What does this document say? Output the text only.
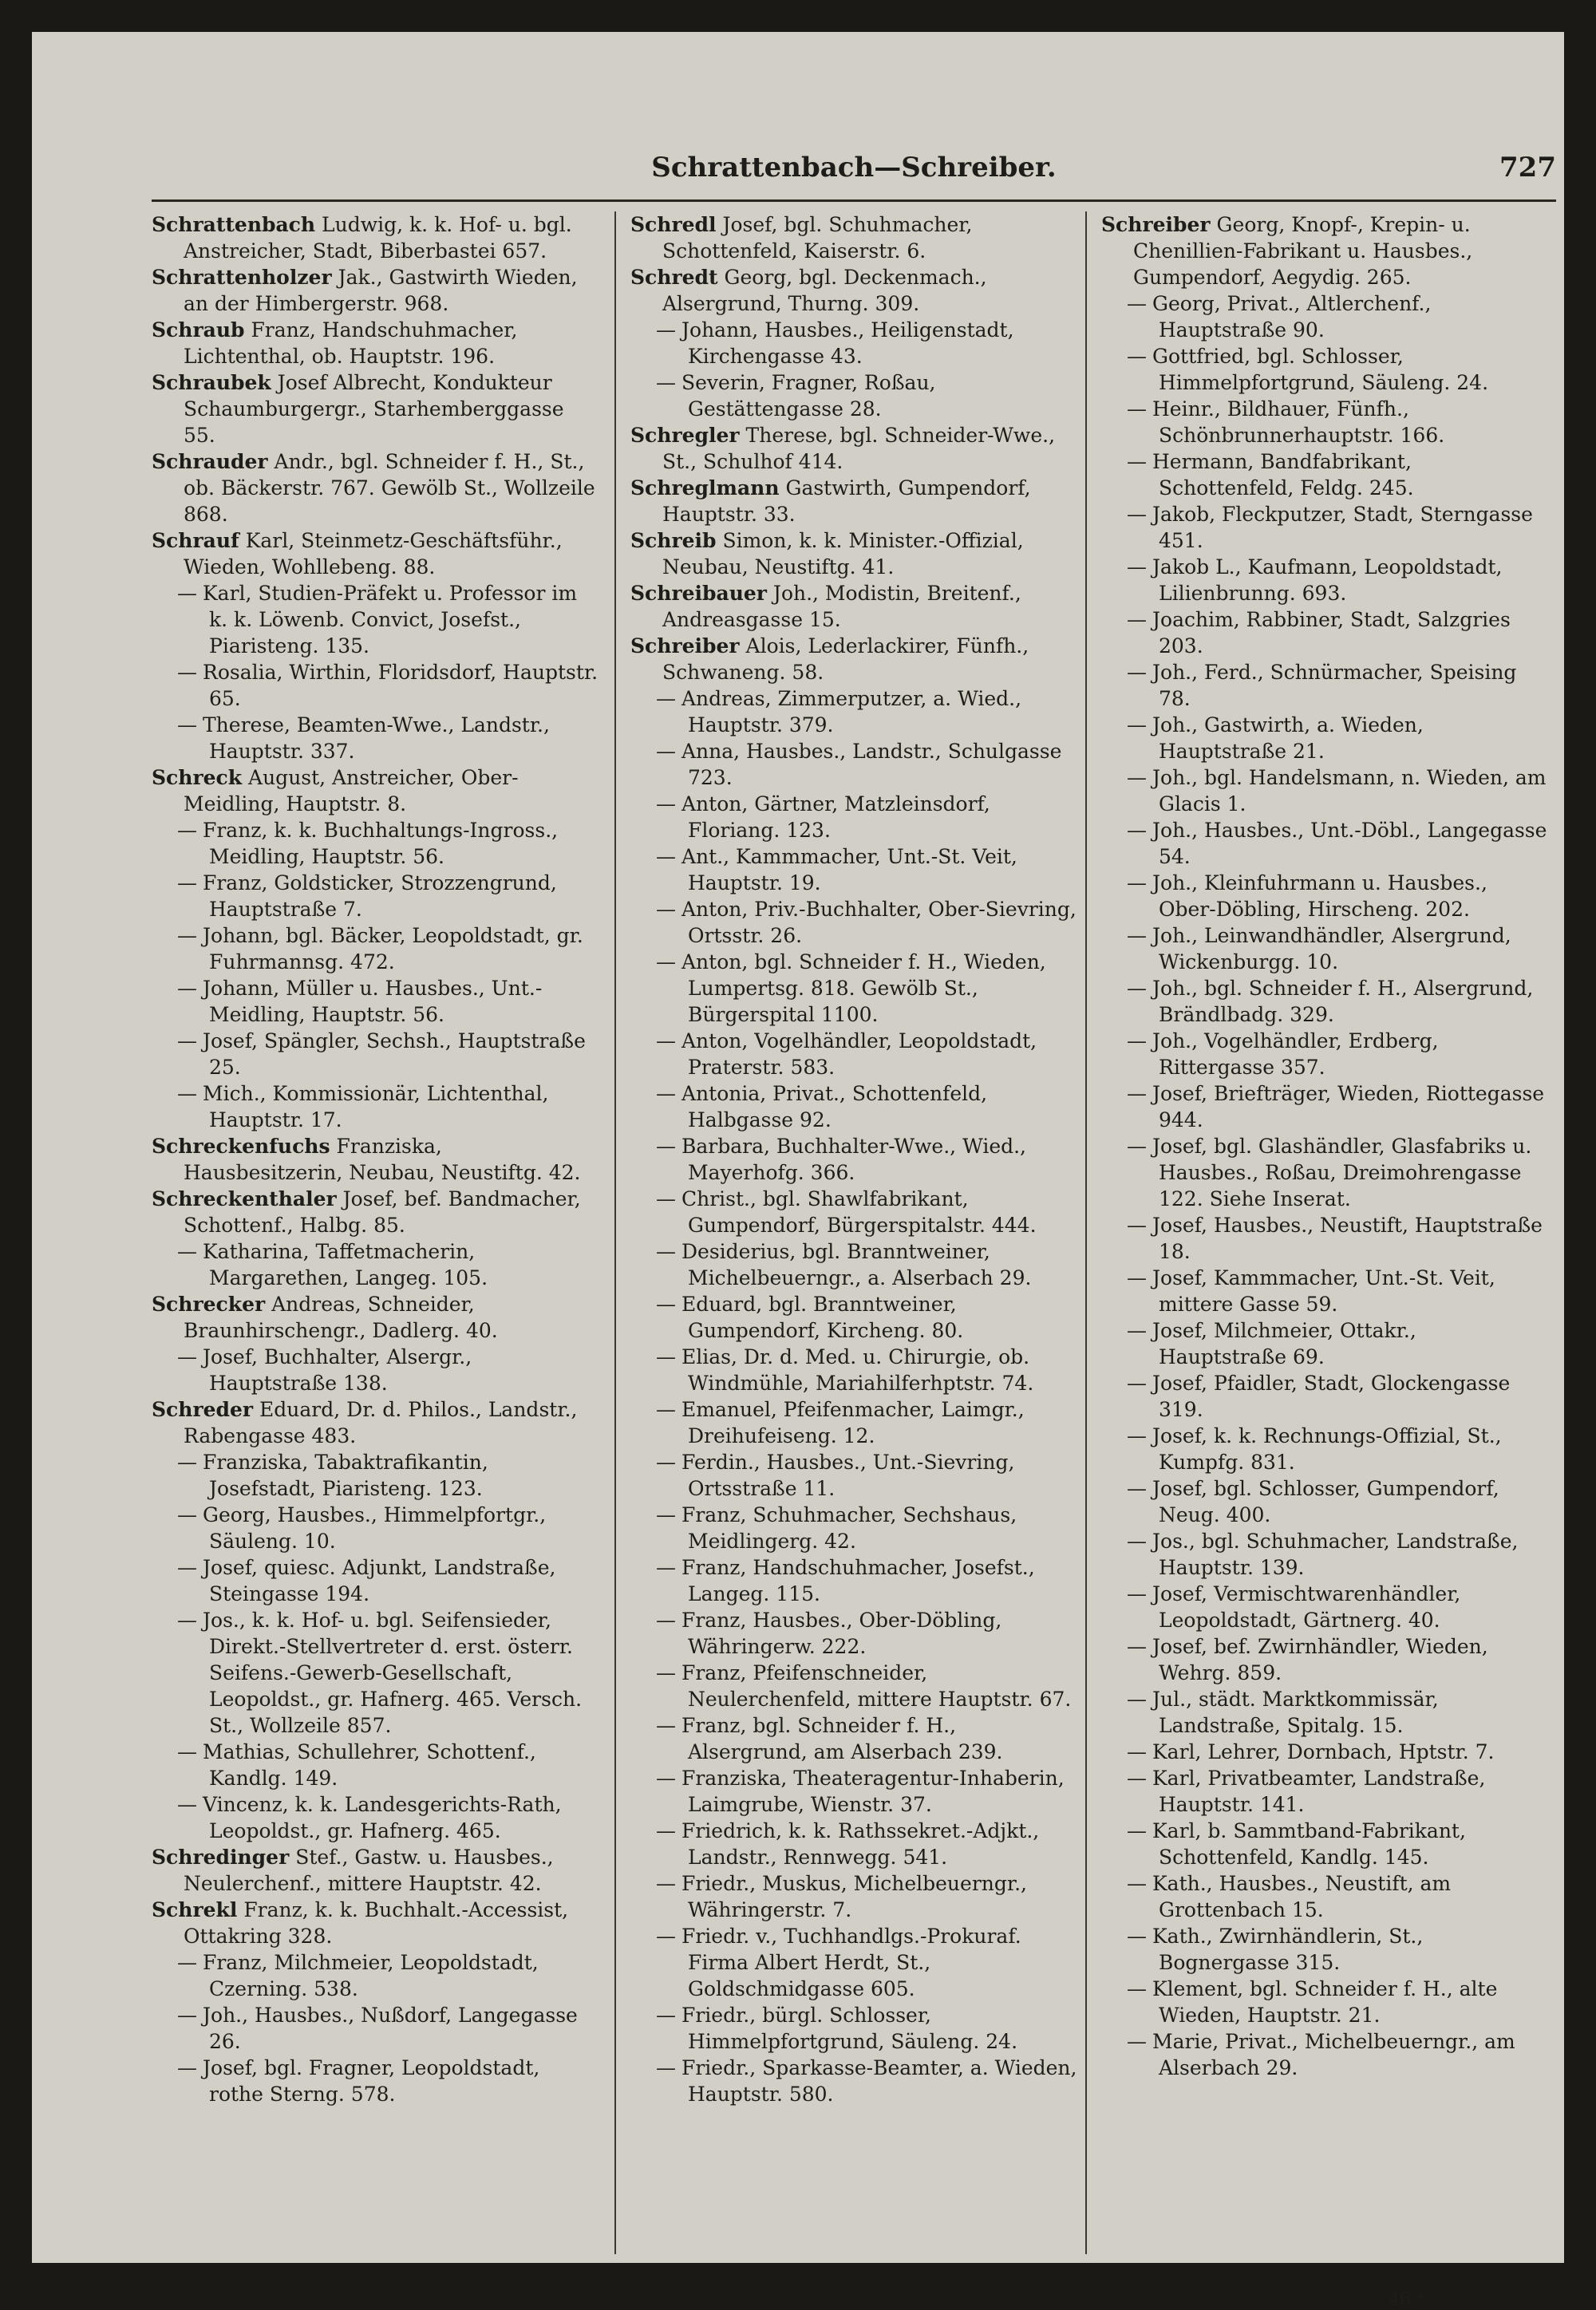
Schrattenbach—Schreiber.	727

Schrattenbach Ludwig, k. k. Hof- u. bgl. Anstreicher, Stadt, Biberbastei 657.

Schrattenholzer Jak., Gastwirth Wieden, an der Himbergerstr. 968.

Schraub Franz, Handschuhmacher, Lichtenthal, ob. Hauptstr. 196.

Schraubek Josef Albrecht, Kondukteur Schaumburgergr., Starhemberggasse 55.

Schrauder Andr., bgl. Schneider f. H., St., ob. Bäckerstr. 767. Gewölb St., Wollzeile 868.

Schrauf Karl, Steinmetz-Geschäftsführ., Wieden, Wohllebeng. 88.

— Karl, Studien-Präfekt u. Professor im k. k. Löwenb. Convict, Josefst., Piaristeng. 135.

— Rosalia, Wirthin, Floridsdorf, Hauptstr. 65.

— Therese, Beamten-Wwe., Landstr., Hauptstr. 337.

Schreck August, Anstreicher, Ober-Meidling, Hauptstr. 8.

— Franz, k. k. Buchhaltungs-Ingross., Meidling, Hauptstr. 56.

— Franz, Goldsticker, Strozzengrund, Hauptstraße 7.

— Johann, bgl. Bäcker, Leopoldstadt, gr. Fuhrmannsg. 472.

— Johann, Müller u. Hausbes., Unt.-Meidling, Hauptstr. 56.

— Josef, Spängler, Sechsh., Hauptstraße 25.

— Mich., Kommissionär, Lichtenthal, Hauptstr. 17.

Schreckenfuchs Franziska, Hausbesitzerin, Neubau, Neustiftg. 42.

Schreckenthaler Josef, bef. Bandmacher, Schottenf., Halbg. 85.

— Katharina, Taffetmacherin, Margarethen, Langeg. 105.

Schrecker Andreas, Schneider, Braunhirschengr., Dadlerg. 40.

— Josef, Buchhalter, Alsergr., Hauptstraße 138.

Schreder Eduard, Dr. d. Philos., Landstr., Rabengasse 483.

— Franziska, Tabaktrafikantin, Josefstadt, Piaristeng. 123.

— Georg, Hausbes., Himmelpfortgr., Säuleng. 10.

— Josef, quiesc. Adjunkt, Landstraße, Steingasse 194.

— Jos., k. k. Hof- u. bgl. Seifensieder, Direkt.-Stellvertreter d. erst. österr. Seifens.-Gewerb-Gesellschaft, Leopoldst., gr. Hafnerg. 465. Versch. St., Wollzeile 857.

— Mathias, Schullehrer, Schottenf., Kandlg. 149.

— Vincenz, k. k. Landesgerichts-Rath, Leopoldst., gr. Hafnerg. 465.

Schredinger Stef., Gastw. u. Hausbes., Neulerchenf., mittere Hauptstr. 42.

Schrekl Franz, k. k. Buchhalt.-Accessist, Ottakring 328.

— Franz, Milchmeier, Leopoldstadt, Czerning. 538.

— Joh., Hausbes., Nußdorf, Langegasse 26.

— Josef, bgl. Fragner, Leopoldstadt, rothe Sterng. 578.

Schredl Josef, bgl. Schuhmacher, Schottenfeld, Kaiserstr. 6.

Schredt Georg, bgl. Deckenmach., Alsergrund, Thurng. 309.

— Johann, Hausbes., Heiligenstadt, Kirchengasse 43.

— Severin, Fragner, Roßau, Gestättengasse 28.

Schregler Therese, bgl. Schneider-Wwe., St., Schulhof 414.

Schreglmann Gastwirth, Gumpendorf, Hauptstr. 33.

Schreib Simon, k. k. Minister.-Offizial, Neubau, Neustiftg. 41.

Schreibauer Joh., Modistin, Breitenf., Andreasgasse 15.

Schreiber Alois, Lederlackirer, Fünfh., Schwaneng. 58.

— Andreas, Zimmerputzer, a. Wied., Hauptstr. 379.

— Anna, Hausbes., Landstr., Schulgasse 723.

— Anton, Gärtner, Matzleinsdorf, Floriang. 123.

— Ant., Kammmacher, Unt.-St. Veit, Hauptstr. 19.

— Anton, Priv.-Buchhalter, Ober-Sievring, Ortsstr. 26.

— Anton, bgl. Schneider f. H., Wieden, Lumpertsg. 818. Gewölb St., Bürgerspital 1100.

— Anton, Vogelhändler, Leopoldstadt, Praterstr. 583.

— Antonia, Privat., Schottenfeld, Halbgasse 92.

— Barbara, Buchhalter-Wwe., Wied., Mayerhofg. 366.

— Christ., bgl. Shawlfabrikant, Gumpendorf, Bürgerspitalstr. 444.

— Desiderius, bgl. Branntweiner, Michelbeuerngr., a. Alserbach 29.

— Eduard, bgl. Branntweiner, Gumpendorf, Kircheng. 80.

— Elias, Dr. d. Med. u. Chirurgie, ob. Windmühle, Mariahilferhptstr. 74.

— Emanuel, Pfeifenmacher, Laimgr., Dreihufeiseng. 12.

— Ferdin., Hausbes., Unt.-Sievring, Ortsstraße 11.

— Franz, Schuhmacher, Sechshaus, Meidlingerg. 42.

— Franz, Handschuhmacher, Josefst., Langeg. 115.

— Franz, Hausbes., Ober-Döbling, Währingerw. 222.

— Franz, Pfeifenschneider, Neulerchenfeld, mittere Hauptstr. 67.

— Franz, bgl. Schneider f. H., Alsergrund, am Alserbach 239.

— Franziska, Theateragentur-Inhaberin, Laimgrube, Wienstr. 37.

— Friedrich, k. k. Rathssekret.-Adjkt., Landstr., Rennwegg. 541.

— Friedr., Muskus, Michelbeuerngr., Währingerstr. 7.

— Friedr. v., Tuchhandlgs.-Prokuraf. Firma Albert Herdt, St., Goldschmidgasse 605.

— Friedr., bürgl. Schlosser, Himmelpfortgrund, Säuleng. 24.

— Friedr., Sparkasse-Beamter, a. Wieden, Hauptstr. 580.

Schreiber Georg, Knopf-, Krepin- u. Chenillien-Fabrikant u. Hausbes., Gumpendorf, Aegydig. 265.

— Georg, Privat., Altlerchenf., Hauptstraße 90.

— Gottfried, bgl. Schlosser, Himmelpfortgrund, Säuleng. 24.

— Heinr., Bildhauer, Fünfh., Schönbrunnerhauptstr. 166.

— Hermann, Bandfabrikant, Schottenfeld, Feldg. 245.

— Jakob, Fleckputzer, Stadt, Sterngasse 451.

— Jakob L., Kaufmann, Leopoldstadt, Lilienbrunng. 693.

— Joachim, Rabbiner, Stadt, Salzgries 203.

— Joh., Ferd., Schnürmacher, Speising 78.

— Joh., Gastwirth, a. Wieden, Hauptstraße 21.

— Joh., bgl. Handelsmann, n. Wieden, am Glacis 1.

— Joh., Hausbes., Unt.-Döbl., Langegasse 54.

— Joh., Kleinfuhrmann u. Hausbes., Ober-Döbling, Hirscheng. 202.

— Joh., Leinwandhändler, Alsergrund, Wickenburgg. 10.

— Joh., bgl. Schneider f. H., Alsergrund, Brändlbadg. 329.

— Joh., Vogelhändler, Erdberg, Rittergasse 357.

— Josef, Briefträger, Wieden, Riottegasse 944.

— Josef, bgl. Glashändler, Glasfabriks u. Hausbes., Roßau, Dreimohrengasse 122. Siehe Inserat.

— Josef, Hausbes., Neustift, Hauptstraße 18.

— Josef, Kammmacher, Unt.-St. Veit, mittere Gasse 59.

— Josef, Milchmeier, Ottakr., Hauptstraße 69.

— Josef, Pfaidler, Stadt, Glockengasse 319.

— Josef, k. k. Rechnungs-Offizial, St., Kumpfg. 831.

— Josef, bgl. Schlosser, Gumpendorf, Neug. 400.

— Jos., bgl. Schuhmacher, Landstraße, Hauptstr. 139.

— Josef, Vermischtwarenhändler, Leopoldstadt, Gärtnerg. 40.

— Josef, bef. Zwirnhändler, Wieden, Wehrg. 859.

— Jul., städt. Marktkommissär, Landstraße, Spitalg. 15.

— Karl, Lehrer, Dornbach, Hptstr. 7.

— Karl, Privatbeamter, Landstraße, Hauptstr. 141.

— Karl, b. Sammtband-Fabrikant, Schottenfeld, Kandlg. 145.

— Kath., Hausbes., Neustift, am Grottenbach 15.

— Kath., Zwirnhändlerin, St., Bognergasse 315.

— Klement, bgl. Schneider f. H., alte Wieden, Hauptstr. 21.

— Marie, Privat., Michelbeuerngr., am Alserbach 29.

46 *
